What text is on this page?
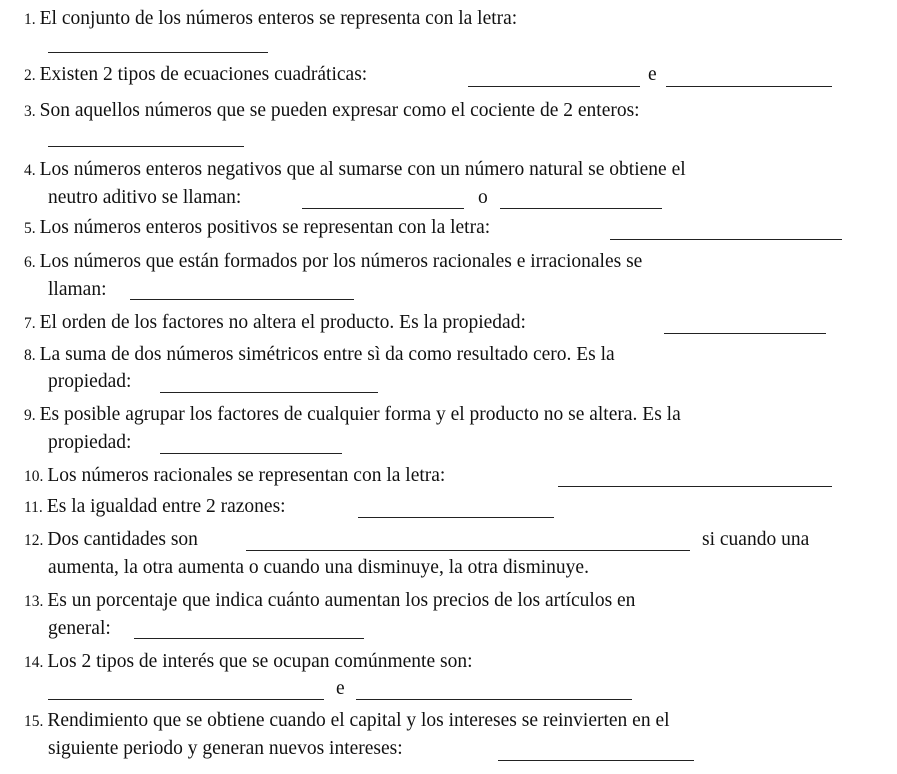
1. El conjunto de los números enteros se representa con la letra:
2. Existen 2 tipos de ecuaciones cuadráticas:	e
3. Son aquellos números que se pueden expresar como el cociente de 2 enteros:
4. Los números enteros negativos que al sumarse con un número natural se obtiene el
neutro aditivo se llaman:	o
5. Los números enteros positivos se representan con la letra:
6. Los números que están formados por los números racionales e irracionales se
llaman:
7. El orden de los factores no altera el producto. Es la propiedad:
8. La suma de dos números simétricos entre sì da como resultado cero. Es la
propiedad:
9. Es posible agrupar los factores de cualquier forma y el producto no se altera. Es la
propiedad:
10. Los números racionales se representan con la letra:
11. Es la igualdad entre 2 razones:
12. Dos cantidades son	si cuando una
aumenta, la otra aumenta o cuando una disminuye, la otra disminuye.
13. Es un porcentaje que indica cuánto aumentan los precios de los artículos en
general:
14. Los 2 tipos de interés que se ocupan comúnmente son:
e
15. Rendimiento que se obtiene cuando el capital y los intereses se reinvierten en el
siguiente periodo y generan nuevos intereses:
